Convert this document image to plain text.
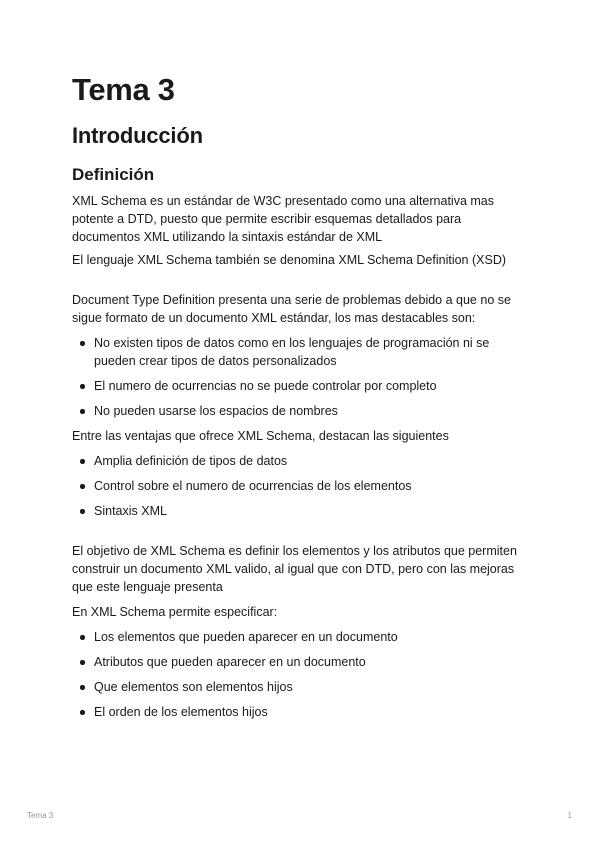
Tema 3
Introducción
Definición

XML Schema es un estándar de W3C presentado como una alternativa mas potente a DTD, puesto que permite escribir esquemas detallados para documentos XML utilizando la sintaxis estándar de XML

El lenguaje XML Schema también se denomina XML Schema Definition (XSD)

Document Type Definition presenta una serie de problemas debido a que no se sigue formato de un documento XML estándar, los mas destacables son:

No existen tipos de datos como en los lenguajes de programación ni se pueden crear tipos de datos personalizados
El numero de ocurrencias no se puede controlar por completo
No pueden usarse los espacios de nombres

Entre las ventajas que ofrece XML Schema, destacan las siguientes

Amplia definición de tipos de datos
Control sobre el numero de ocurrencias de los elementos
Sintaxis XML

El objetivo de XML Schema es definir los elementos y los atributos que permiten construir un documento XML valido, al igual que con DTD, pero con las mejoras que este lenguaje presenta

En XML Schema permite especificar:

Los elementos que pueden aparecer en un documento
Atributos que pueden aparecer en un documento
Que elementos son elementos hijos
El orden de los elementos hijos
Tema 3	1
